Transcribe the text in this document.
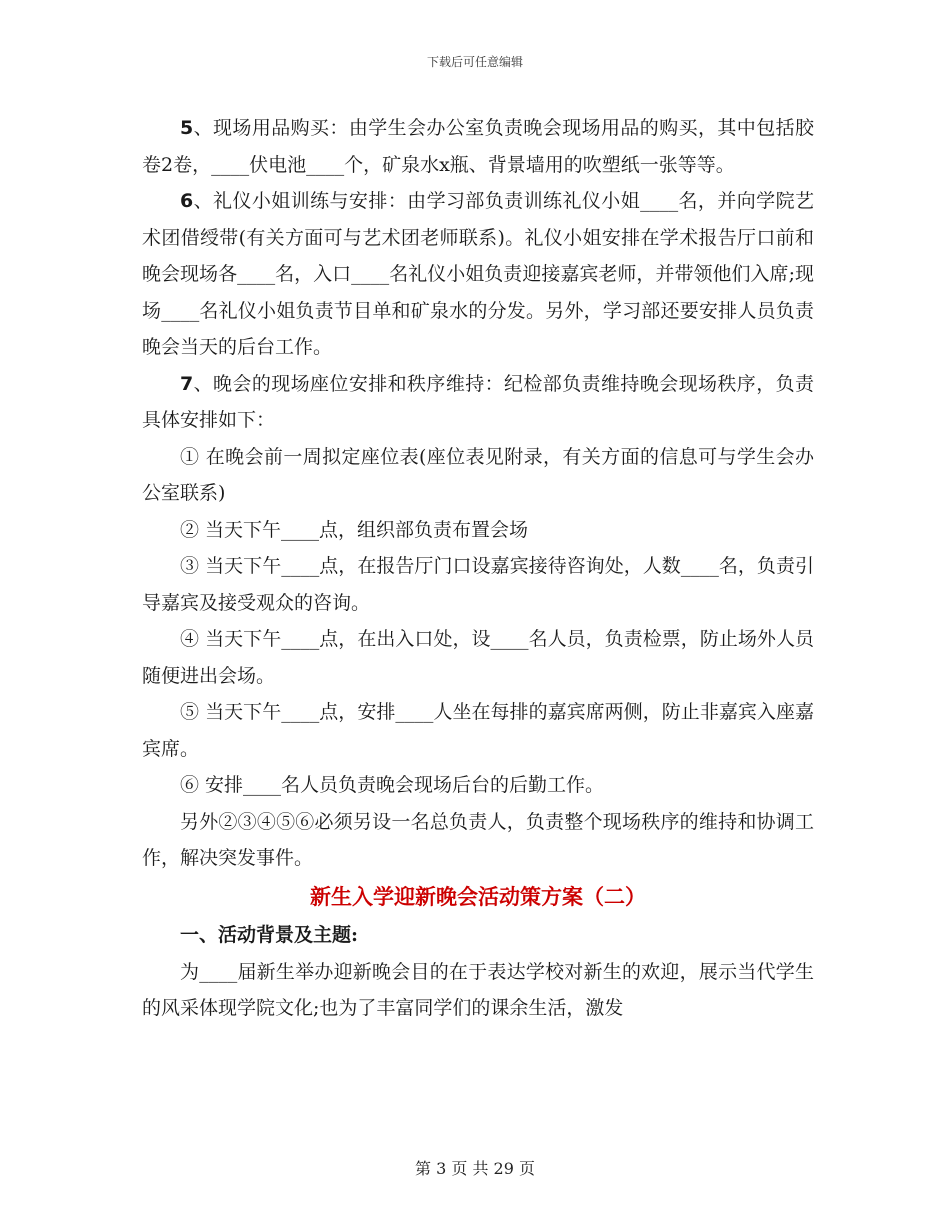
下载后可任意编辑

5、现场用品购买：由学生会办公室负责晚会现场用品的购买，其中包括胶卷2卷，____伏电池____个，矿泉水x瓶、背景墙用的吹塑纸一张等等。

6、礼仪小姐训练与安排：由学习部负责训练礼仪小姐____名，并向学院艺术团借绶带(有关方面可与艺术团老师联系)。礼仪小姐安排在学术报告厅口前和晚会现场各____名，入口____名礼仪小姐负责迎接嘉宾老师，并带领他们入席;现场____名礼仪小姐负责节目单和矿泉水的分发。另外，学习部还要安排人员负责晚会当天的后台工作。

7、晚会的现场座位安排和秩序维持：纪检部负责维持晚会现场秩序，负责具体安排如下：

① 在晚会前一周拟定座位表(座位表见附录，有关方面的信息可与学生会办公室联系)

② 当天下午____点，组织部负责布置会场

③ 当天下午____点，在报告厅门口设嘉宾接待咨询处，人数____名，负责引导嘉宾及接受观众的咨询。

④ 当天下午____点，在出入口处，设____名人员，负责检票，防止场外人员随便进出会场。

⑤ 当天下午____点，安排____人坐在每排的嘉宾席两侧，防止非嘉宾入座嘉宾席。

⑥ 安排____名人员负责晚会现场后台的后勤工作。

另外②③④⑤⑥必须另设一名总负责人，负责整个现场秩序的维持和协调工作，解决突发事件。

新生入学迎新晚会活动策方案（二）

一、活动背景及主题:

为____届新生举办迎新晚会目的在于表达学校对新生的欢迎，展示当代学生的风采体现学院文化;也为了丰富同学们的课余生活，激发

第 3 页 共 29 页
